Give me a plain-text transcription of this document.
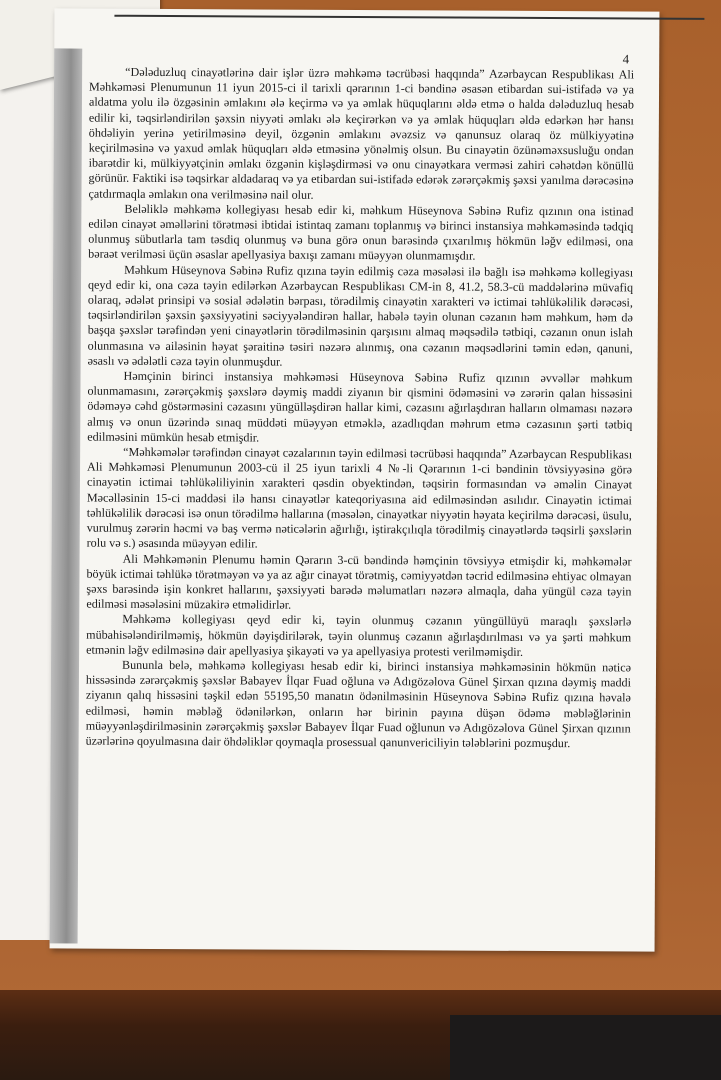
4

“Dələduzluq cinayətlərinə dair işlər üzrə məhkəmə təcrübəsi haqqında” Azərbaycan Respublikası Ali Məhkəməsi Plenumunun 11 iyun 2015-ci il tarixli qərarının 1-ci bəndinə əsasən etibardan sui-istifadə və ya aldatma yolu ilə özgəsinin əmlakını ələ keçirmə və ya əmlak hüquqlarını əldə etmə o halda dələduzluq hesab edilir ki, təqsirləndirilən şəxsin niyyəti əmlakı ələ keçirərkən və ya əmlak hüquqları əldə edərkən hər hansı öhdəliyin yerinə yetirilməsinə deyil, özgənin əmlakını əvəzsiz və qanunsuz olaraq öz mülkiyyətinə keçirilməsinə və yaxud əmlak hüquqları əldə etməsinə yönəlmiş olsun. Bu cinayətin özünəməxsusluğu ondan ibarətdir ki, mülkiyyətçinin əmlakı özgənin kişləşdirməsi və onu cinayətkara verməsi zahiri cəhətdən könüllü görünür. Faktiki isə təqsirkar aldadaraq və ya etibardan sui-istifadə edərək zərərçəkmiş şəxsi yanılma dərəcəsinə çatdırmaqla əmlakın ona verilməsinə nail olur.

Beləliklə məhkəmə kollegiyası hesab edir ki, məhkum Hüseynova Səbinə Rufiz qızının ona istinad edilən cinayət əməllərini törətməsi ibtidai istintaq zamanı toplanmış və birinci instansiya məhkəməsində tədqiq olunmuş sübutlarla tam təsdiq olunmuş və buna görə onun barəsində çıxarılmış hökmün ləğv edilməsi, ona bəraət verilməsi üçün əsaslar apellyasiya baxışı zamanı müəyyən olunmamışdır.

Məhkum Hüseynova Səbinə Rufiz qızına təyin edilmiş cəza məsələsi ilə bağlı isə məhkəmə kollegiyası qeyd edir ki, ona cəza təyin edilərkən Azərbaycan Respublikası CM-in 8, 41.2, 58.3-cü maddələrinə müvafiq olaraq, ədələt prinsipi və sosial ədələtin bərpası, törədilmiş cinayətin xarakteri və ictimai təhlükəlilik dərəcəsi, təqsirləndirilən şəxsin şəxsiyyətini səciyyələndirən hallar, habələ təyin olunan cəzanın həm məhkum, həm də başqa şəxslər tərəfindən yeni cinayətlərin törədilməsinin qarşısını almaq məqsədilə tətbiqi, cəzanın onun islah olunmasına və ailəsinin həyat şəraitinə təsiri nəzərə alınmış, ona cəzanın məqsədlərini təmin edən, qanuni, əsaslı və ədələtli cəza təyin olunmuşdur.

Həmçinin birinci instansiya məhkəməsi Hüseynova Səbinə Rufiz qızının əvvəllər məhkum olunmamasını, zərərçəkmiş şəxslərə dəymiş maddi ziyanın bir qismini ödəməsini və zərərin qalan hissəsini ödəməyə cəhd göstərməsini cəzasını yüngülləşdirən hallar kimi, cəzasını ağırlaşdıran halların olmaması nəzərə almış və onun üzərində sınaq müddəti müəyyən etməklə, azadlıqdan məhrum etmə cəzasının şərti tətbiq edilməsini mümkün hesab etmişdir.

“Məhkəmələr tərəfindən cinayət cəzalarının təyin edilməsi təcrübəsi haqqında” Azərbaycan Respublikası Ali Məhkəməsi Plenumunun 2003-cü il 25 iyun tarixli 4 №-li Qərarının 1-ci bəndinin tövsiyyəsinə görə cinayətin ictimai təhlükəliliyinin xarakteri qəsdin obyektindən, təqsirin formasından və əməlin Cinayət Məcəlləsinin 15-ci maddəsi ilə hansı cinayətlər kateqoriyasına aid edilməsindən asılıdır. Cinayətin ictimai təhlükəlilik dərəcəsi isə onun törədilmə hallarına (məsələn, cinayətkar niyyətin həyata keçirilmə dərəcəsi, üsulu, vurulmuş zərərin həcmi və baş vermə nəticələrin ağırlığı, iştirakçılıqla törədilmiş cinayətlərdə təqsirli şəxslərin rolu və s.) əsasında müəyyən edilir.

Ali Məhkəmənin Plenumu həmin Qərarın 3-cü bəndində həmçinin tövsiyyə etmişdir ki, məhkəmələr böyük ictimai təhlükə törətməyən və ya az ağır cinayət törətmiş, cəmiyyətdən təcrid edilməsinə ehtiyac olmayan şəxs barəsində işin konkret hallarını, şəxsiyyəti barədə məlumatları nəzərə almaqla, daha yüngül cəza təyin edilməsi məsələsini müzakirə etməlidirlər.

Məhkəmə kollegiyası qeyd edir ki, təyin olunmuş cəzanın yüngüllüyü maraqlı şəxslərlə mübahisələndirilməmiş, hökmün dəyişdirilərək, təyin olunmuş cəzanın ağırlaşdırılması və ya şərti məhkum etmənin ləğv edilməsinə dair apellyasiya şikayəti və ya apellyasiya protesti verilməmişdir.

Bununla belə, məhkəmə kollegiyası hesab edir ki, birinci instansiya məhkəməsinin hökmün nəticə hissəsində zərərçəkmiş şəxslər Babayev İlqar Fuad oğluna və Adıgözəlova Günel Şirxan qızına dəymiş maddi ziyanın qalıq hissəsini təşkil edən 55195,50 manatın ödənilməsinin Hüseynova Səbinə Rufiz qızına həvalə edilməsi, həmin məbləğ ödənilərkən, onların hər birinin payına düşən ödəmə məbləğlərinin müəyyənləşdirilməsinin zərərçəkmiş şəxslər Babayev İlqar Fuad oğlunun və Adıgözəlova Günel Şirxan qızının üzərlərinə qoyulmasına dair öhdəliklər qoymaqla prosessual qanunvericiliyin tələblərini pozmuşdur.
